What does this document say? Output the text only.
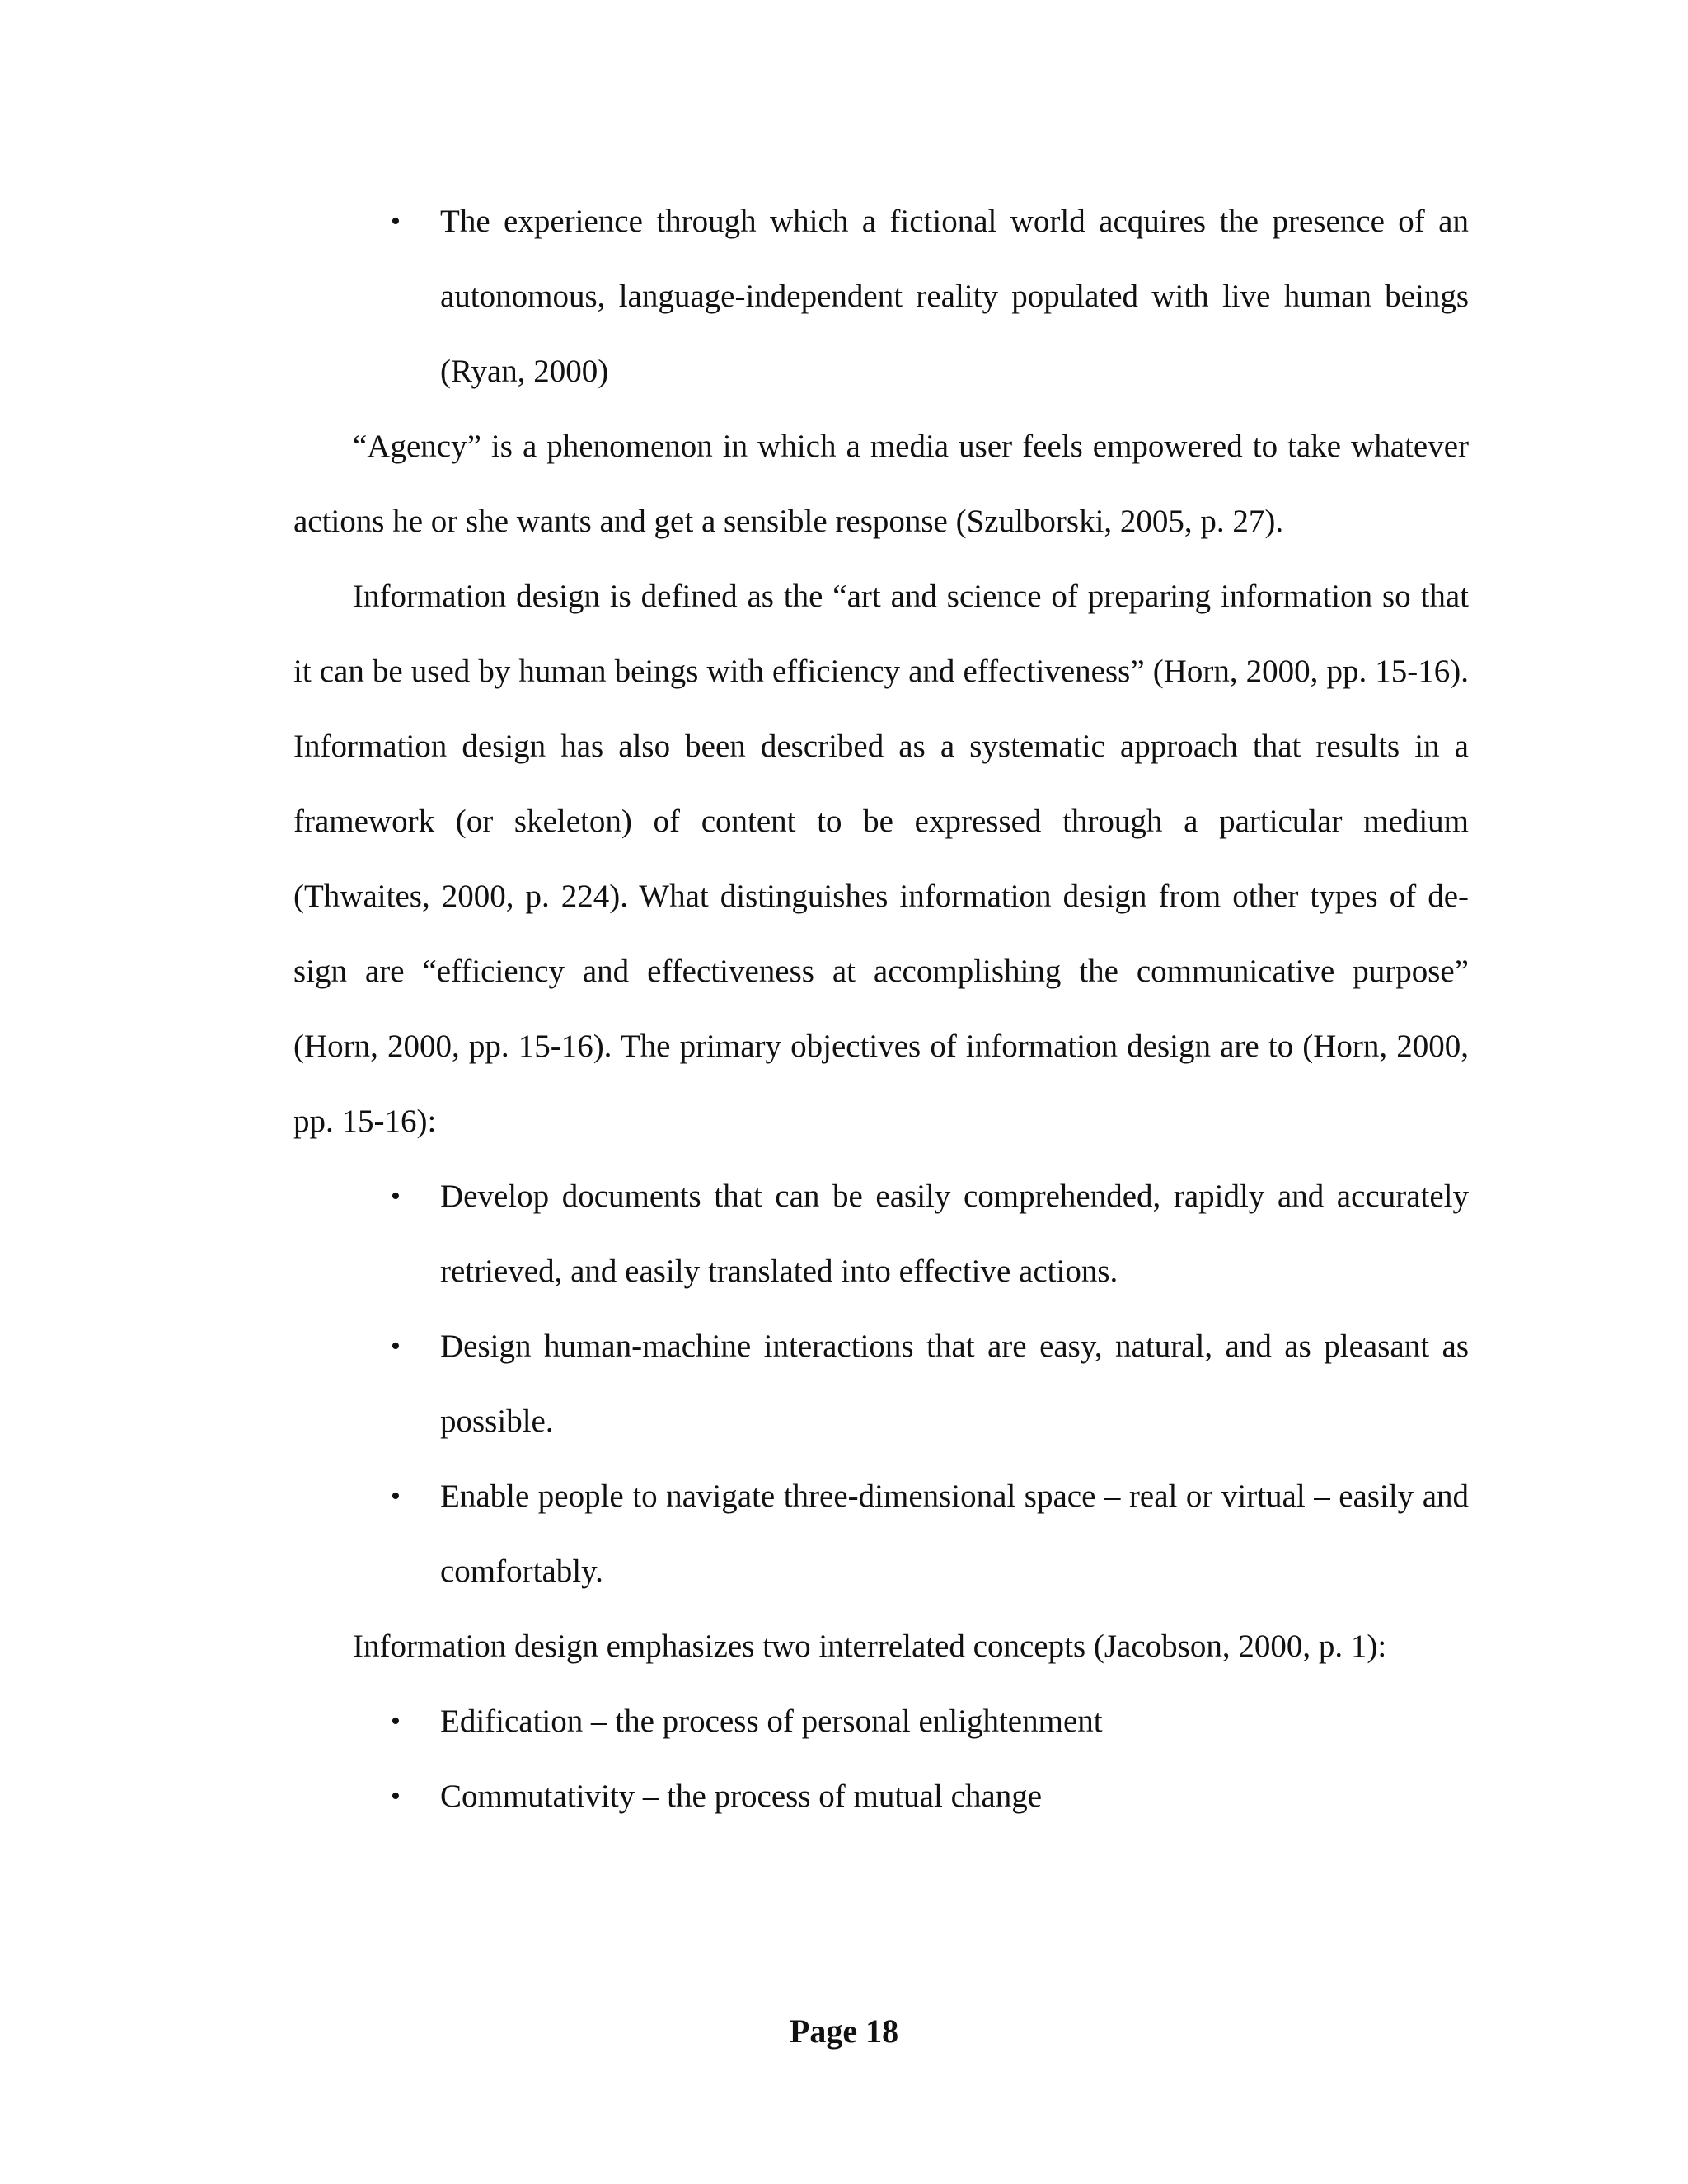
• The experience through which a fictional world acquires the presence of an autonomous, language-independent reality populated with live human beings (Ryan, 2000)

“Agency” is a phenomenon in which a media user feels empowered to take whatever actions he or she wants and get a sensible response (Szulborski, 2005, p. 27).

Information design is defined as the “art and science of preparing information so that it can be used by human beings with efficiency and effectiveness” (Horn, 2000, pp. 15-16). Information design has also been described as a systematic approach that results in a framework (or skeleton) of content to be expressed through a particular medium (Thwaites, 2000, p. 224). What distinguishes information design from other types of de-sign are “efficiency and effectiveness at accomplishing the communicative purpose” (Horn, 2000, pp. 15-16). The primary objectives of information design are to (Horn, 2000, pp. 15-16):

• Develop documents that can be easily comprehended, rapidly and accurately retrieved, and easily translated into effective actions.
• Design human-machine interactions that are easy, natural, and as pleasant as possible.
• Enable people to navigate three-dimensional space – real or virtual – easily and comfortably.

Information design emphasizes two interrelated concepts (Jacobson, 2000, p. 1):

• Edification – the process of personal enlightenment
• Commutativity – the process of mutual change
Page 18
